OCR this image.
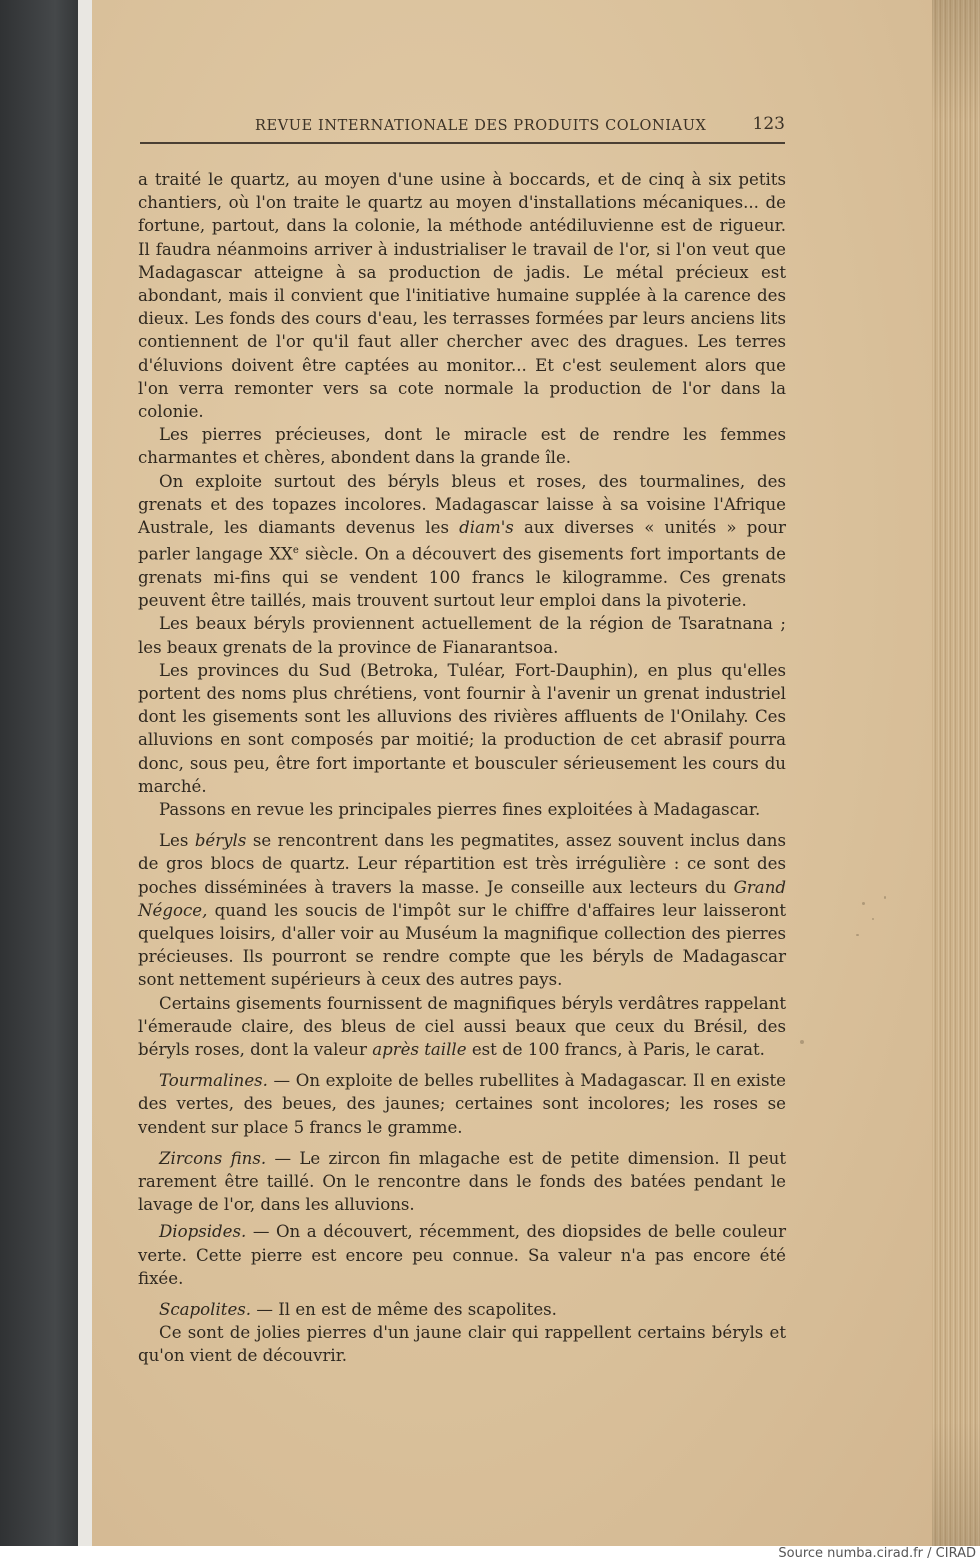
REVUE INTERNATIONALE DES PRODUITS COLONIAUX	123

a traité le quartz, au moyen d'une usine à boccards, et de cinq à six petits chantiers, où l'on traite le quartz au moyen d'installations mécaniques... de fortune, partout, dans la colonie, la méthode antédiluvienne est de rigueur. Il faudra néanmoins arriver à industrialiser le travail de l'or, si l'on veut que Madagascar atteigne à sa production de jadis. Le métal précieux est abondant, mais il convient que l'initiative humaine supplée à la carence des dieux. Les fonds des cours d'eau, les terrasses formées par leurs anciens lits contiennent de l'or qu'il faut aller chercher avec des dragues. Les terres d'éluvions doivent être captées au monitor... Et c'est seulement alors que l'on verra remonter vers sa cote normale la production de l'or dans la colonie.

Les pierres précieuses, dont le miracle est de rendre les femmes charmantes et chères, abondent dans la grande île.

On exploite surtout des béryls bleus et roses, des tourmalines, des grenats et des topazes incolores. Madagascar laisse à sa voisine l'Afrique Australe, les diamants devenus les diam's aux diverses « unités » pour parler langage XXe siècle. On a découvert des gisements fort importants de grenats mi-fins qui se vendent 100 francs le kilogramme. Ces grenats peuvent être taillés, mais trouvent surtout leur emploi dans la pivoterie.

Les beaux béryls proviennent actuellement de la région de Tsaratnana ; les beaux grenats de la province de Fianarantsoa.

Les provinces du Sud (Betroka, Tuléar, Fort-Dauphin), en plus qu'elles portent des noms plus chrétiens, vont fournir à l'avenir un grenat industriel dont les gisements sont les alluvions des rivières affluents de l'Onilahy. Ces alluvions en sont composés par moitié; la production de cet abrasif pourra donc, sous peu, être fort importante et bousculer sérieusement les cours du marché.

Passons en revue les principales pierres fines exploitées à Madagascar.

Les béryls se rencontrent dans les pegmatites, assez souvent inclus dans de gros blocs de quartz. Leur répartition est très irrégulière : ce sont des poches disséminées à travers la masse. Je conseille aux lecteurs du Grand Négoce, quand les soucis de l'impôt sur le chiffre d'affaires leur laisseront quelques loisirs, d'aller voir au Muséum la magnifique collection des pierres précieuses. Ils pourront se rendre compte que les béryls de Madagascar sont nettement supérieurs à ceux des autres pays.

Certains gisements fournissent de magnifiques béryls verdâtres rappelant l'émeraude claire, des bleus de ciel aussi beaux que ceux du Brésil, des béryls roses, dont la valeur après taille est de 100 francs, à Paris, le carat.

Tourmalines. — On exploite de belles rubellites à Madagascar. Il en existe des vertes, des beues, des jaunes; certaines sont incolores; les roses se vendent sur place 5 francs le gramme.

Zircons fins. — Le zircon fin mlagache est de petite dimension. Il peut rarement être taillé. On le rencontre dans le fonds des batées pendant le lavage de l'or, dans les alluvions.

Diopsides. — On a découvert, récemment, des diopsides de belle couleur verte. Cette pierre est encore peu connue. Sa valeur n'a pas encore été fixée.

Scapolites. — Il en est de même des scapolites.

Ce sont de jolies pierres d'un jaune clair qui rappellent certains béryls et qu'on vient de découvrir.

Source numba.cirad.fr / CIRAD
